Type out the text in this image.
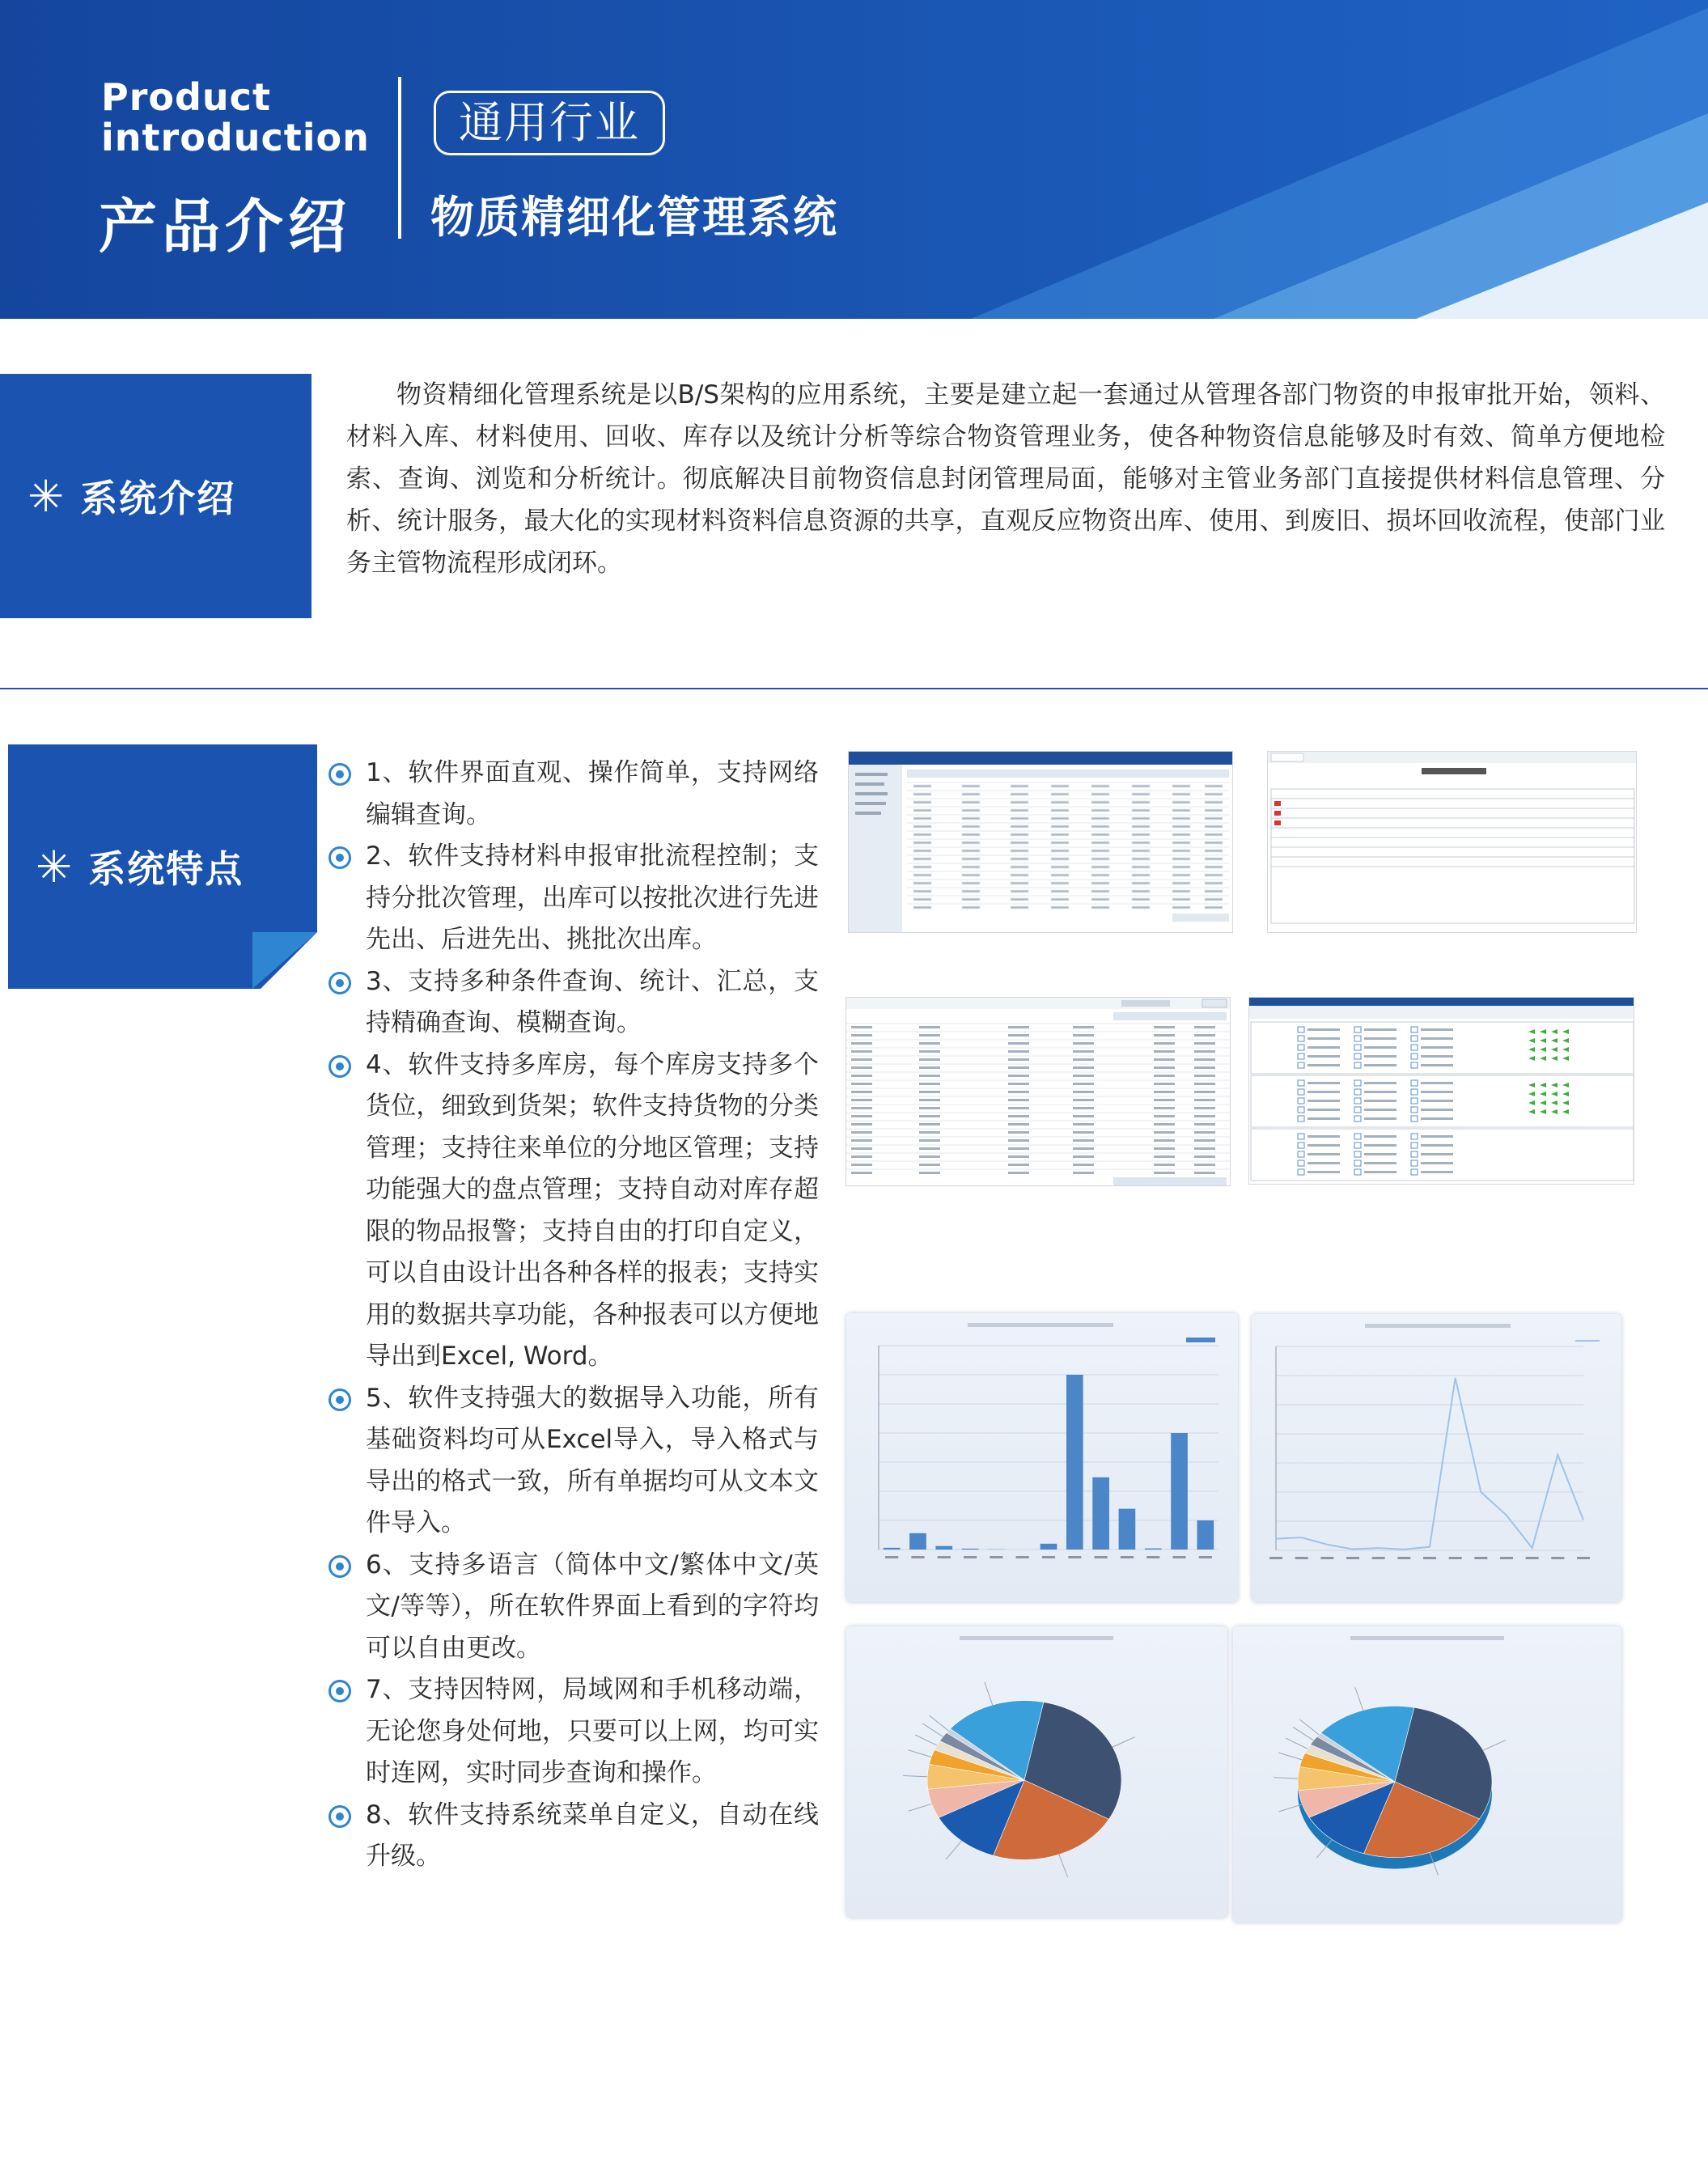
Product
introduction
产品介绍
通用行业
物质精细化管理系统
✳ 系统介绍

物资精细化管理系统是以B/S架构的应用系统，主要是建立起一套通过从管理各部门物资的申报审批开始，领料、材料入库、材料使用、回收、库存以及统计分析等综合物资管理业务，使各种物资信息能够及时有效、简单方便地检索、查询、浏览和分析统计。彻底解决目前物资信息封闭管理局面，能够对主管业务部门直接提供材料信息管理、分析、统计服务，最大化的实现材料资料信息资源的共享，直观反应物资出库、使用、到废旧、损坏回收流程，使部门业务主管物流程形成闭环。

✳ 系统特点
1、软件界面直观、操作简单，支持网络编辑查询。
2、软件支持材料申报审批流程控制；支持分批次管理，出库可以按批次进行先进先出、后进先出、挑批次出库。
3、支持多种条件查询、统计、汇总，支持精确查询、模糊查询。
4、软件支持多库房，每个库房支持多个货位，细致到货架；软件支持货物的分类管理；支持往来单位的分地区管理；支持功能强大的盘点管理；支持自动对库存超限的物品报警；支持自由的打印自定义，可以自由设计出各种各样的报表；支持实用的数据共享功能，各种报表可以方便地导出到Excel, Word。
5、软件支持强大的数据导入功能，所有基础资料均可从Excel导入，导入格式与导出的格式一致，所有单据均可从文本文件导入。
6、支持多语言（简体中文/繁体中文/英文/等等），所在软件界面上看到的字符均可以自由更改。
7、支持因特网，局域网和手机移动端，无论您身处何地，只要可以上网，均可实时连网，实时同步查询和操作。
8、软件支持系统菜单自定义，自动在线升级。
